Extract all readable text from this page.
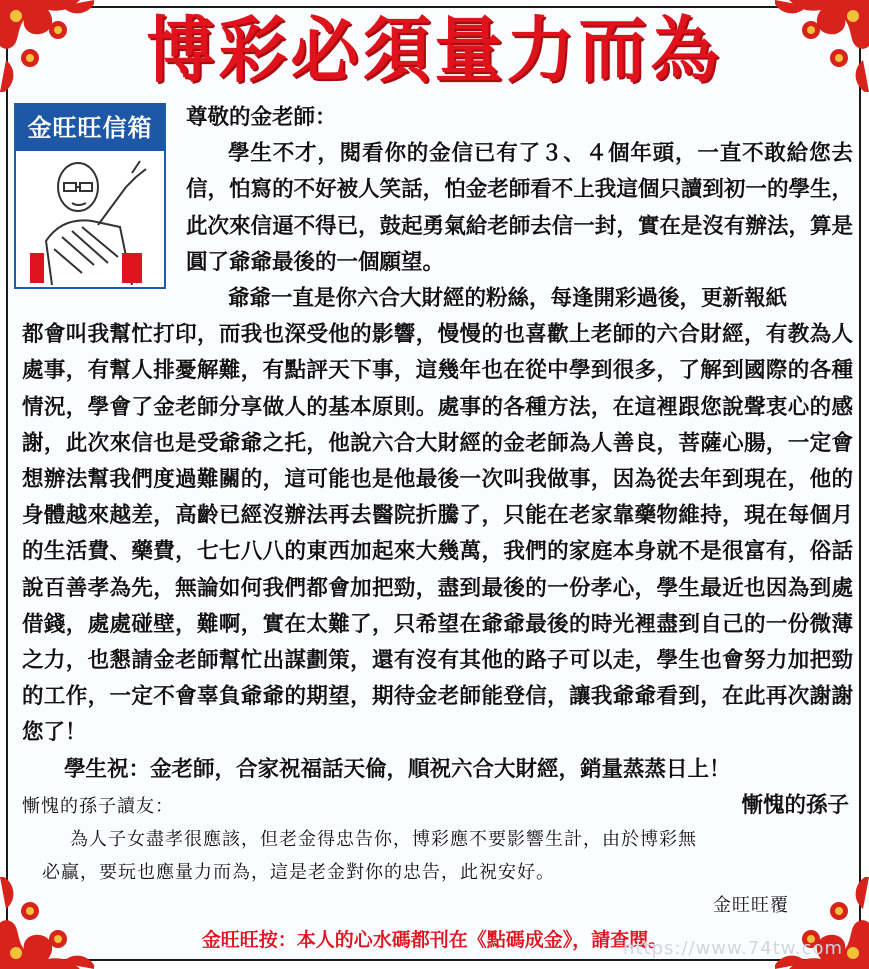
博彩必須量力而為
金旺旺信箱	尊敬的金老師：

學生不才，閱看你的金信已有了３、４個年頭，一直不敢給您去信，怕寫的不好被人笑話，怕金老師看不上我這個只讀到初一的學生，此次來信逼不得已，鼓起勇氣給老師去信一封，實在是沒有辦法，算是圓了爺爺最後的一個願望。

爺爺一直是你六合大財經的粉絲，每逢開彩過後，更新報紙

都會叫我幫忙打印，而我也深受他的影響，慢慢的也喜歡上老師的六合財經，有教為人處事，有幫人排憂解難，有點評天下事，這幾年也在從中學到很多，了解到國際的各種情況，學會了金老師分享做人的基本原則。處事的各種方法，在這裡跟您說聲衷心的感謝，此次來信也是受爺爺之托，他說六合大財經的金老師為人善良，菩薩心腸，一定會想辦法幫我們度過難關的，這可能也是他最後一次叫我做事，因為從去年到現在，他的身體越來越差，高齡已經沒辦法再去醫院折騰了，只能在老家靠藥物維持，現在每個月的生活費、藥費，七七八八的東西加起來大幾萬，我們的家庭本身就不是很富有，俗話說百善孝為先，無論如何我們都會加把勁，盡到最後的一份孝心，學生最近也因為到處借錢，處處碰壁，難啊，實在太難了，只希望在爺爺最後的時光裡盡到自己的一份微薄之力，也懇請金老師幫忙出謀劃策，還有沒有其他的路子可以走，學生也會努力加把勁的工作，一定不會辜負爺爺的期望，期待金老師能登信，讓我爺爺看到，在此再次謝謝您了！

學生祝：金老師，合家祝福話天倫，順祝六合大財經，銷量蒸蒸日上！

慚愧的孫子

慚愧的孫子讀友：
為人子女盡孝很應該，但老金得忠告你，博彩應不要影響生計，由於博彩無
必贏，要玩也應量力而為，這是老金對你的忠告，此祝安好。
金旺旺覆
金旺旺按：本人的心水碼都刊在《點碼成金》，請查閱。
https://www.74tw.com
